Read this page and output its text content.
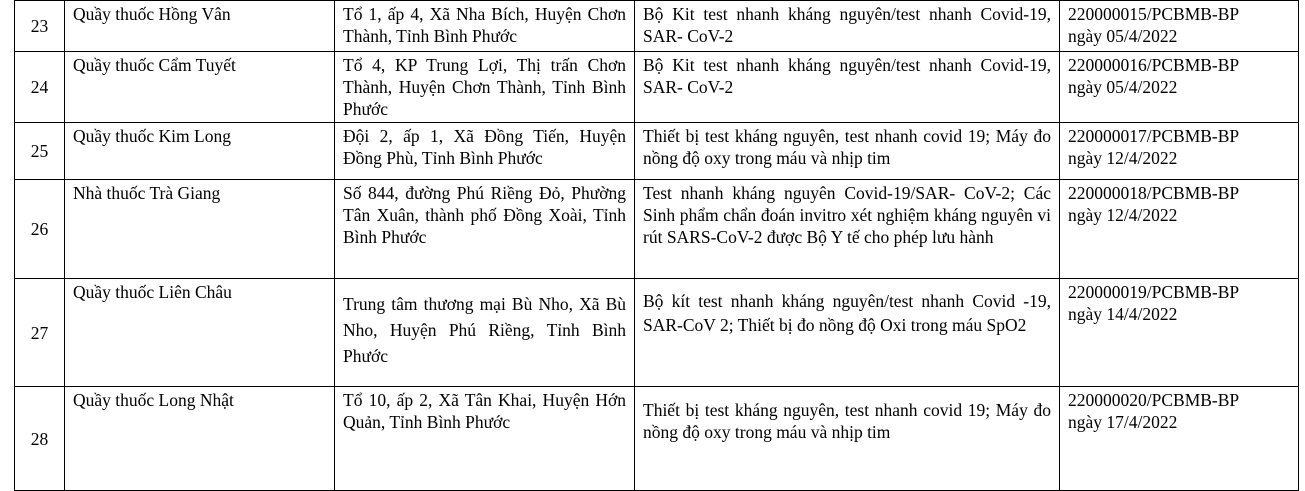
23	Quầy thuốc Hồng Vân	Tổ 1, ấp 4, Xã Nha Bích, Huyện Chơn Thành, Tỉnh Bình Phước	Bộ Kit test nhanh kháng nguyên/test nhanh Covid-19, SAR- CoV-2	220000015/PCBMB-BP
ngày 05/4/2022

24	Quầy thuốc Cẩm Tuyết	Tổ 4, KP Trung Lợi, Thị trấn Chơn Thành, Huyện Chơn Thành, Tỉnh Bình Phước	Bộ Kit test nhanh kháng nguyên/test nhanh Covid-19, SAR- CoV-2	220000016/PCBMB-BP
ngày 05/4/2022

25	Quầy thuốc Kim Long	Đội 2, ấp 1, Xã Đồng Tiến, Huyện Đồng Phù, Tỉnh Bình Phước	Thiết bị test kháng nguyên, test nhanh covid 19; Máy đo nồng độ oxy trong máu và nhịp tim	220000017/PCBMB-BP
ngày 12/4/2022

26	Nhà thuốc Trà Giang	Số 844, đường Phú Riềng Đỏ, Phường Tân Xuân, thành phố Đồng Xoài, Tỉnh Bình Phước	Test nhanh kháng nguyên Covid-19/SAR- CoV-2; Các Sinh phẩm chẩn đoán invitro xét nghiệm kháng nguyên vi rút SARS-CoV-2 được Bộ Y tế cho phép lưu hành	220000018/PCBMB-BP
ngày 12/4/2022

27	Quầy thuốc Liên Châu	Trung tâm thương mại Bù Nho, Xã Bù Nho, Huyện Phú Riềng, Tỉnh Bình Phước	Bộ kít test nhanh kháng nguyên/test nhanh Covid -19, SAR-CoV 2; Thiết bị đo nồng độ Oxi trong máu SpO2	220000019/PCBMB-BP
ngày 14/4/2022

28	Quầy thuốc Long Nhật	Tổ 10, ấp 2, Xã Tân Khai, Huyện Hớn Quản, Tỉnh Bình Phước	Thiết bị test kháng nguyên, test nhanh covid 19; Máy đo nồng độ oxy trong máu và nhịp tim	220000020/PCBMB-BP
ngày 17/4/2022
